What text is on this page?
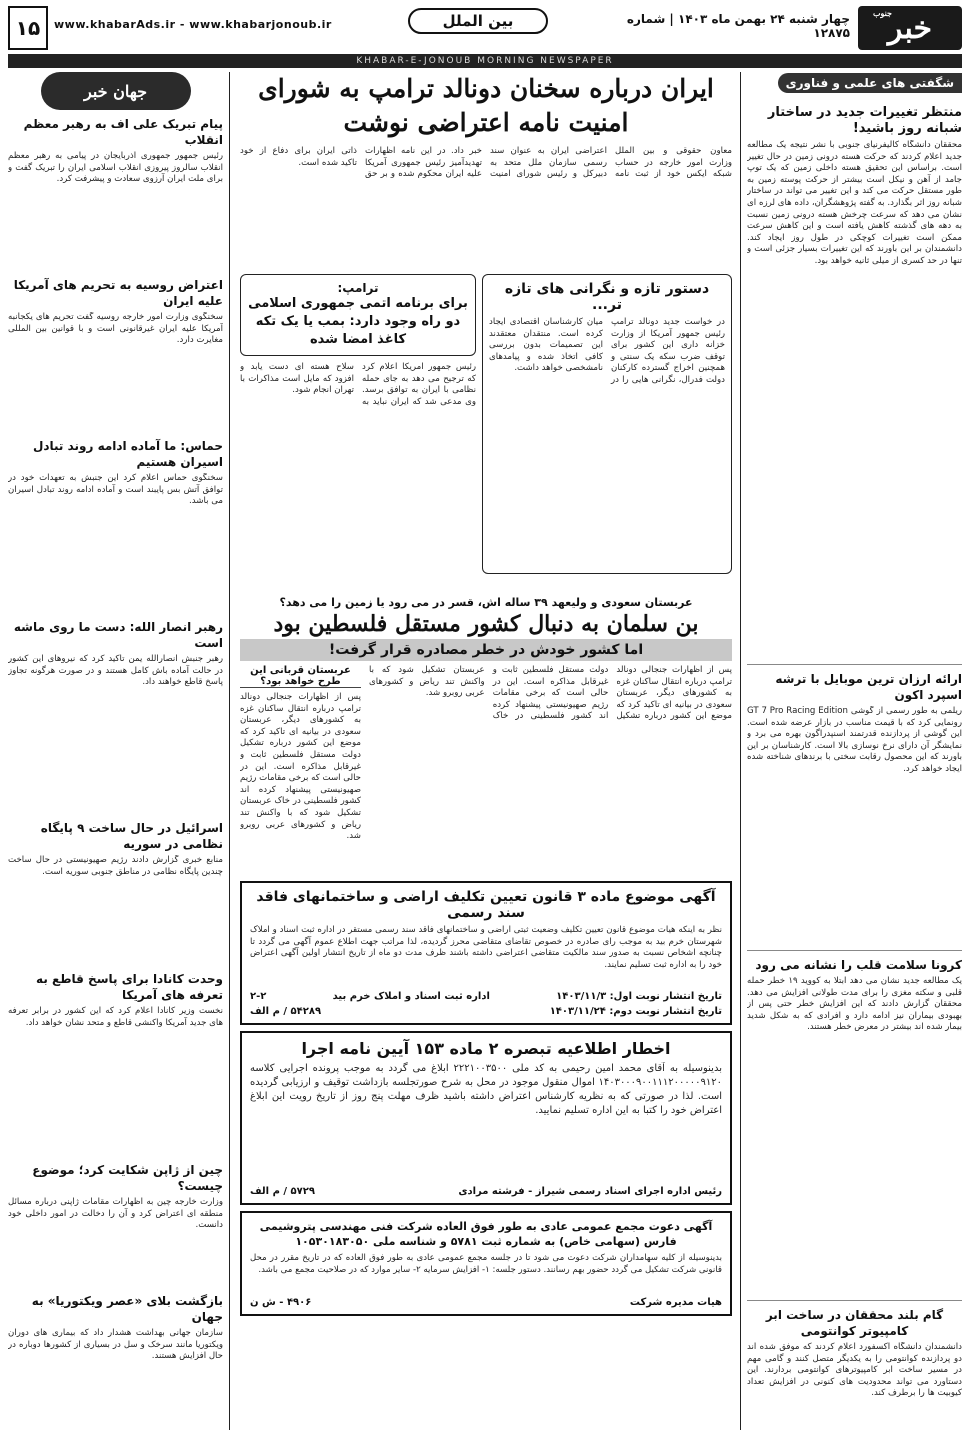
خبر
جنوب
چهار شنبه ۲۴ بهمن ماه ۱۴۰۳ | شماره ۱۲۸۷۵
بین الملل
www.khabarAds.ir - www.khabarjonoub.ir
۱۵
KHABAR-E-JONOUB MORNING NEWSPAPER
شگفتی های علمی و فناوری
منتظر تغییرات جدید در ساختار شبانه روز باشید!
محققان دانشگاه کالیفرنیای جنوبی با نشر نتیجه یک مطالعه جدید اعلام کردند که حرکت هسته درونی زمین در حال تغییر است. براساس این تحقیق هسته داخلی زمین که یک توپ جامد از آهن و نیکل است بیشتر از حرکت پوسته زمین به طور مستقل حرکت می کند و این تغییر می تواند در ساختار شبانه روز اثر بگذارد. به گفته پژوهشگران، داده های لرزه ای نشان می دهد که سرعت چرخش هسته درونی زمین نسبت به دهه های گذشته کاهش یافته است و این کاهش سرعت ممکن است تغییرات کوچکی در طول روز ایجاد کند. دانشمندان بر این باورند که این تغییرات بسیار جزئی است و تنها در حد کسری از میلی ثانیه خواهد بود.
ارائه ارزان ترین موبایل با ترشه اسپرد اکون
ریلمی به طور رسمی از گوشی GT 7 Pro Racing Edition رونمایی کرد که با قیمت مناسب در بازار عرضه شده است. این گوشی از پردازنده قدرتمند اسنپدراگون بهره می برد و نمایشگر آن دارای نرخ نوسازی بالا است. کارشناسان بر این باورند که این محصول رقابت سختی با برندهای شناخته شده ایجاد خواهد کرد.
کرونا سلامت قلب را نشانه می رود
یک مطالعه جدید نشان می دهد ابتلا به کووید ۱۹ خطر حمله قلبی و سکته مغزی را برای مدت طولانی افزایش می دهد. محققان گزارش دادند که این افزایش خطر حتی پس از بهبودی بیماران نیز ادامه دارد و افرادی که به شکل شدید بیمار شده اند بیشتر در معرض خطر هستند.
گام بلند محققان در ساخت ابر کامپیوتر کوانتومی
دانشمندان دانشگاه آکسفورد اعلام کردند که موفق شده اند دو پردازنده کوانتومی را به یکدیگر متصل کنند و گامی مهم در مسیر ساخت ابر کامپیوترهای کوانتومی بردارند. این دستاورد می تواند محدودیت های کنونی در افزایش تعداد کیوبیت ها را برطرف کند.
جهان خبر
پیام تبریک علی اف به رهبر معظم انقلاب
رئیس جمهور جمهوری آذربایجان در پیامی به رهبر معظم انقلاب سالروز پیروزی انقلاب اسلامی ایران را تبریک گفت و برای ملت ایران آرزوی سعادت و پیشرفت کرد.
اعتراض روسیه به تحریم های آمریکا علیه ایران
سخنگوی وزارت امور خارجه روسیه گفت تحریم های یکجانبه آمریکا علیه ایران غیرقانونی است و با قوانین بین المللی مغایرت دارد.
حماس: ما آماده ادامه روند تبادل اسیران هستیم
سخنگوی حماس اعلام کرد این جنبش به تعهدات خود در توافق آتش بس پایبند است و آماده ادامه روند تبادل اسیران می باشد.
رهبر انصار الله: دست ما روی ماشه است
رهبر جنبش انصارالله یمن تاکید کرد که نیروهای این کشور در حالت آماده باش کامل هستند و در صورت هرگونه تجاوز پاسخ قاطع خواهند داد.
اسرائیل در حال ساخت ۹ پایگاه نظامی در سوریه
منابع خبری گزارش دادند رژیم صهیونیستی در حال ساخت چندین پایگاه نظامی در مناطق جنوبی سوریه است.
وحدت کانادا برای پاسخ قاطع به تعرفه های آمریکا
نخست وزیر کانادا اعلام کرد که این کشور در برابر تعرفه های جدید آمریکا واکنشی قاطع و متحد نشان خواهد داد.
چین از ژاپن شکایت کرد؛ موضوع چیست؟
وزارت خارجه چین به اظهارات مقامات ژاپنی درباره مسائل منطقه ای اعتراض کرد و آن را دخالت در امور داخلی خود دانست.
بازگشت بلای «عصر ویکتوریا» به جهان
سازمان جهانی بهداشت هشدار داد که بیماری های دوران ویکتوریا مانند سرخک و سل در بسیاری از کشورها دوباره در حال افزایش هستند.
ایران درباره سخنان دونالد ترامپ به شورای امنیت نامه اعتراضی نوشت
معاون حقوقی و بین الملل وزارت امور خارجه در حساب شبکه ایکس خود از ثبت نامه اعتراضی ایران به عنوان سند رسمی سازمان ملل متحد به دبیرکل و رئیس شورای امنیت خبر داد. در این نامه اظهارات تهدیدآمیز رئیس جمهوری آمریکا علیه ایران محکوم شده و بر حق ذاتی ایران برای دفاع از خود تاکید شده است.
دستور تازه و نگرانی های تازه تر...
در خواست جدید دونالد ترامپ رئیس جمهور آمریکا از وزارت خزانه داری این کشور برای توقف ضرب سکه یک سنتی و همچنین اخراج گسترده کارکنان دولت فدرال، نگرانی هایی را در میان کارشناسان اقتصادی ایجاد کرده است. منتقدان معتقدند این تصمیمات بدون بررسی کافی اتخاذ شده و پیامدهای نامشخصی خواهد داشت.
ترامپ:
برای برنامه اتمی جمهوری اسلامی دو راه وجود دارد: بمب یا یک تکه کاغذ امضا شده
رئیس جمهور آمریکا اعلام کرد که ترجیح می دهد به جای حمله نظامی با ایران به توافق برسد. وی مدعی شد که ایران نباید به سلاح هسته ای دست یابد و افزود که مایل است مذاکرات با تهران انجام شود.
عربستان سعودی و ولیعهد ۳۹ ساله اش، قسر در می رود یا زمین را می دهد؟
بن سلمان به دنبال کشور مستقل فلسطین بود
اما کشور خودش در خطر مصادره قرار گرفت!
پس از اظهارات جنجالی دونالد ترامپ درباره انتقال ساکنان غزه به کشورهای دیگر، عربستان سعودی در بیانیه ای تاکید کرد که موضع این کشور درباره تشکیل دولت مستقل فلسطین ثابت و غیرقابل مذاکره است. این در حالی است که برخی مقامات رژیم صهیونیستی پیشنهاد کرده اند کشور فلسطینی در خاک عربستان تشکیل شود که با واکنش تند ریاض و کشورهای عربی روبرو شد.
عربستان قربانی این طرح خواهد بود؟
پس از اظهارات جنجالی دونالد ترامپ درباره انتقال ساکنان غزه به کشورهای دیگر، عربستان سعودی در بیانیه ای تاکید کرد که موضع این کشور درباره تشکیل دولت مستقل فلسطین ثابت و غیرقابل مذاکره است. این در حالی است که برخی مقامات رژیم صهیونیستی پیشنهاد کرده اند کشور فلسطینی در خاک عربستان تشکیل شود که با واکنش تند ریاض و کشورهای عربی روبرو شد.
آگهی موضوع ماده ۳ قانون تعیین تکلیف اراضی و ساختمانهای فاقد سند رسمی
نظر به اینکه هیات موضوع قانون تعیین تکلیف وضعیت ثبتی اراضی و ساختمانهای فاقد سند رسمی مستقر در اداره ثبت اسناد و املاک شهرستان خرم بید به موجب رای صادره در خصوص تقاضای متقاضی محرز گردیده، لذا مراتب جهت اطلاع عموم آگهی می گردد تا چنانچه اشخاص نسبت به صدور سند مالکیت متقاضی اعتراضی داشته باشند ظرف مدت دو ماه از تاریخ انتشار اولین آگهی اعتراض خود را به اداره ثبت تسلیم نمایند.
تاریخ انتشار نوبت اول: ۱۴۰۳/۱۱/۳
اداره ثبت اسناد و املاک خرم بید
۲-۲
تاریخ انتشار نوبت دوم: ۱۴۰۳/۱۱/۲۴
۵۴۲۸۹ / م الف
اخطار اطلاعیه تبصره ۲ ماده ۱۵۳ آیین نامه اجرا
بدینوسیله به آقای محمد امین رحیمی به کد ملی ۲۲۲۱۰۰۳۵۰۰ ابلاغ می گردد به موجب پرونده اجرایی کلاسه ۱۴۰۳۰۰۰۹۰۰۱۱۱۲۰۰۰۰۰۹۱۲۰ اموال منقول موجود در محل به شرح صورتجلسه بازداشت توقیف و ارزیابی گردیده است. لذا در صورتی که به نظریه کارشناس اعتراض داشته باشید ظرف مهلت پنج روز از تاریخ رویت این ابلاغ اعتراض خود را کتبا به این اداره تسلیم نمایید.
رئیس اداره اجرای اسناد رسمی شیراز - فرشته مرادی
۵۷۲۹ / م الف
آگهی دعوت مجمع عمومی عادی به طور فوق العاده شرکت فنی مهندسی پتروشیمی فارس (سهامی خاص) به شماره ثبت ۵۷۸۱ و شناسه ملی ۱۰۵۳۰۱۸۳۰۵۰
بدینوسیله از کلیه سهامداران شرکت دعوت می شود تا در جلسه مجمع عمومی عادی به طور فوق العاده که در تاریخ مقرر در محل قانونی شرکت تشکیل می گردد حضور بهم رسانند. دستور جلسه: ۱- افزایش سرمایه ۲- سایر موارد که در صلاحیت مجمع می باشد.
هیات مدیره شرکت
۴۹۰۶ - ش ن
